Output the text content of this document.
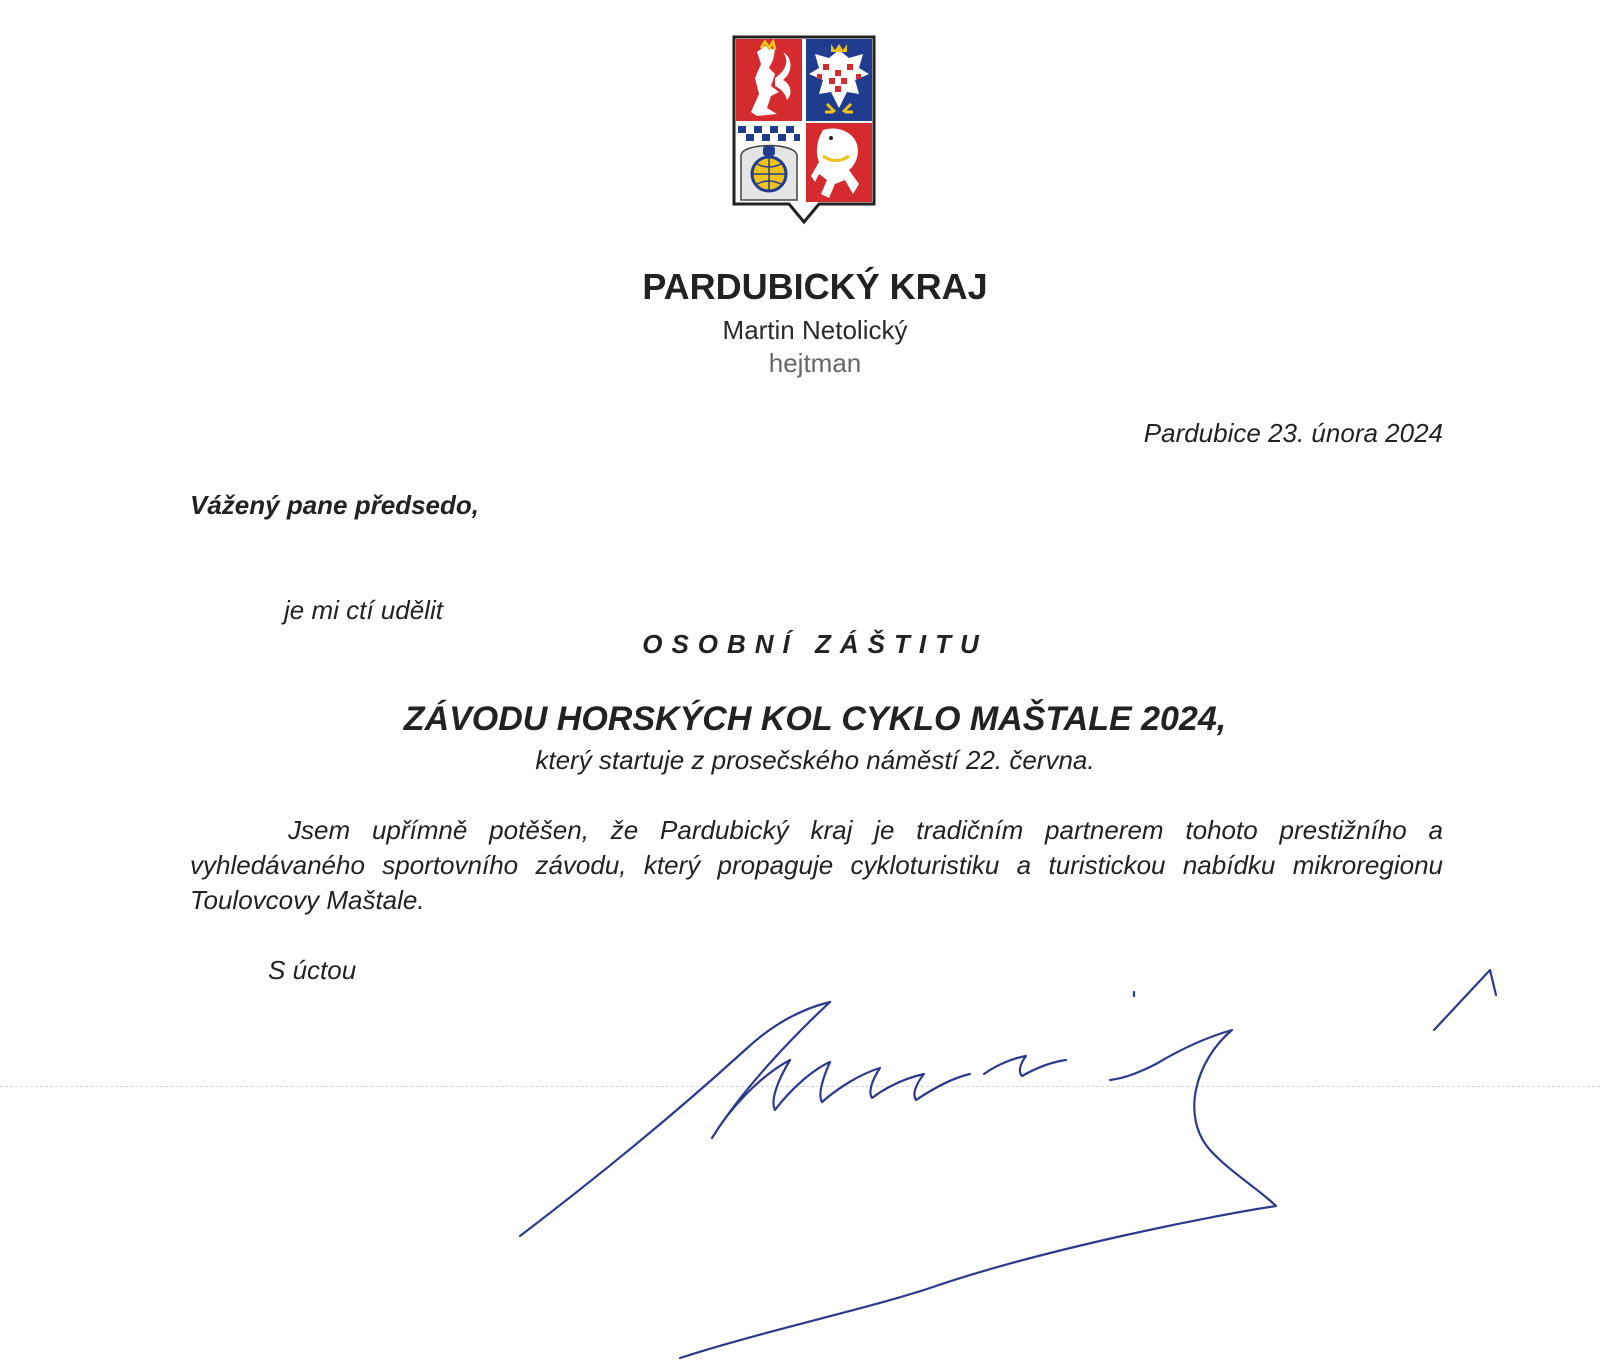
PARDUBICKÝ KRAJ
Martin Netolický
hejtman
Pardubice 23. února 2024
Vážený pane předsedo,
je mi ctí udělit
OSOBNÍ ZÁŠTITU
ZÁVODU HORSKÝCH KOL CYKLO MAŠTALE 2024,
který startuje z prosečského náměstí 22. června.

Jsem upřímně potěšen, že Pardubický kraj je tradičním partnerem tohoto prestižního a vyhledávaného sportovního závodu, který propaguje cykloturistiku a turistickou nabídku mikroregionu Toulovcovy Maštale.

S úctou
